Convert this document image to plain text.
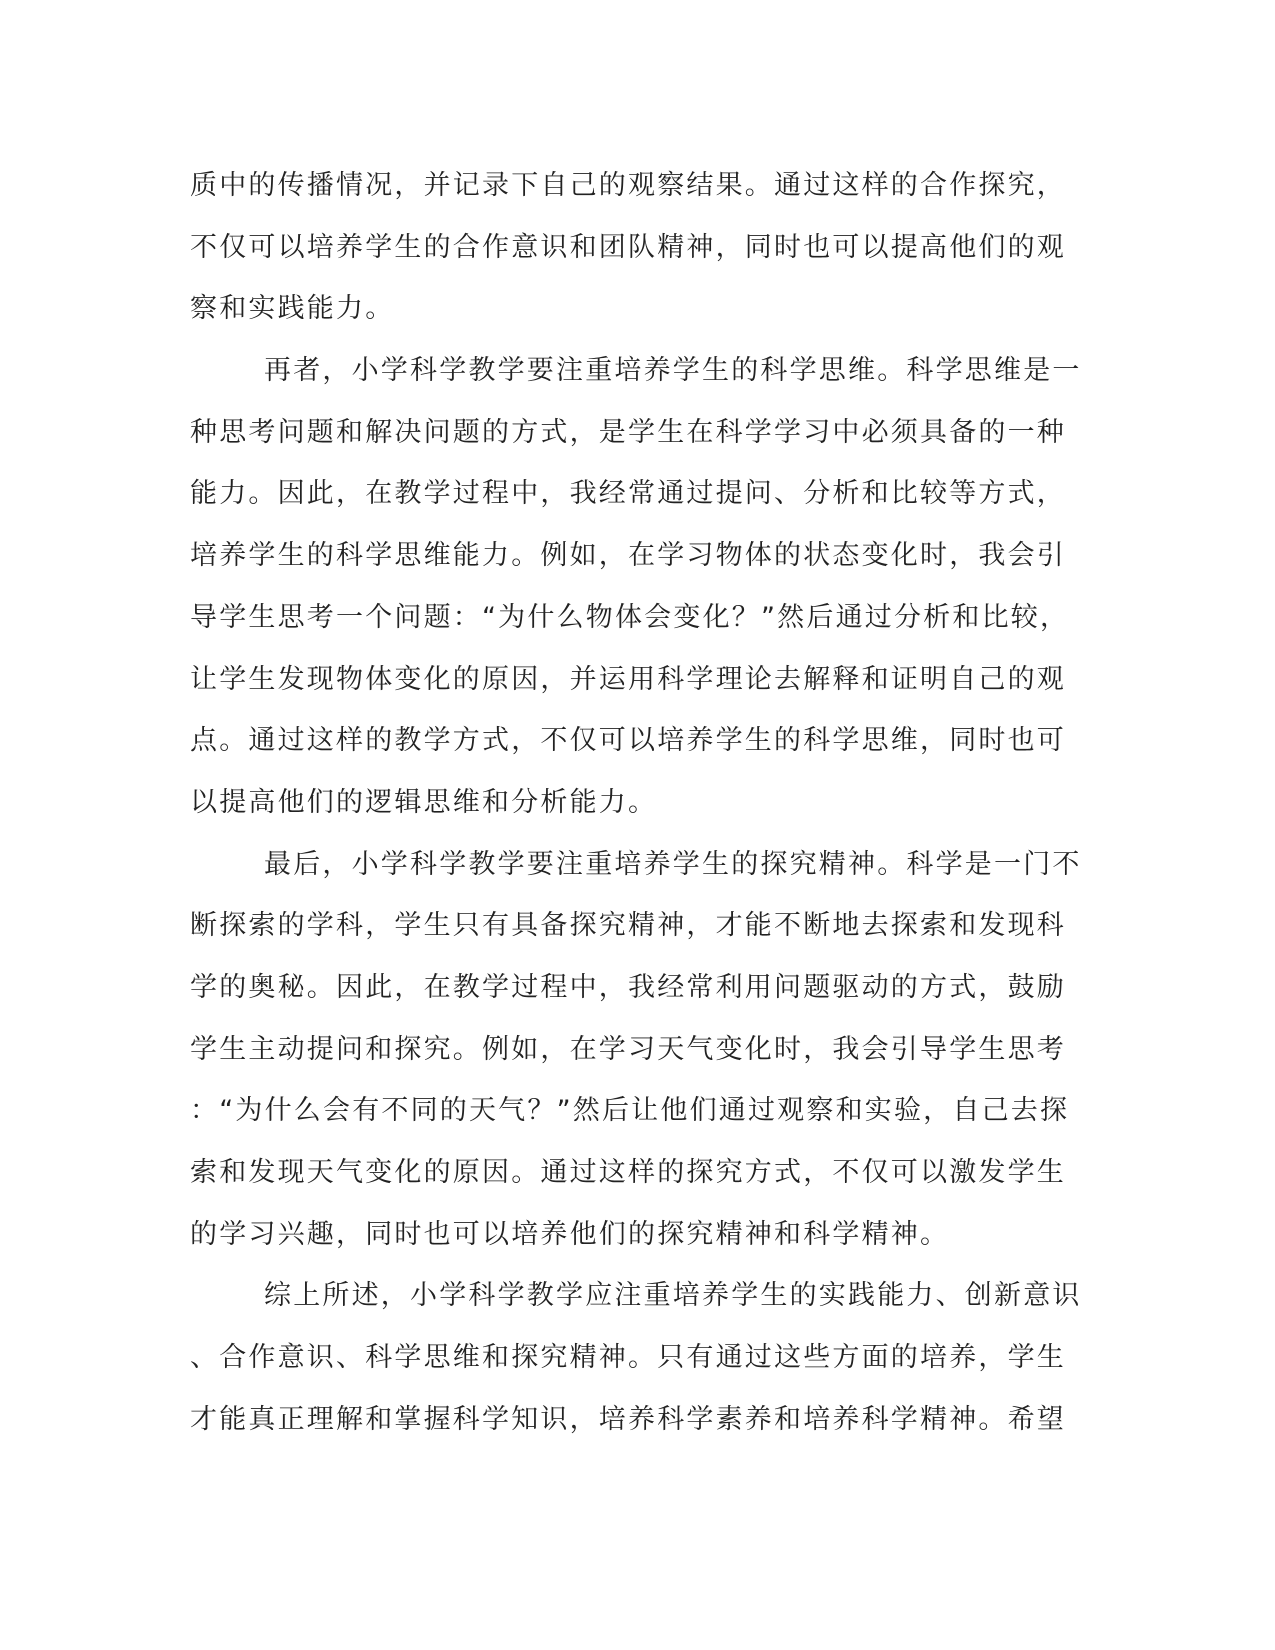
质中的传播情况，并记录下自己的观察结果。通过这样的合作探究，
不仅可以培养学生的合作意识和团队精神，同时也可以提高他们的观
察和实践能力。
再者，小学科学教学要注重培养学生的科学思维。科学思维是一
种思考问题和解决问题的方式，是学生在科学学习中必须具备的一种
能力。因此，在教学过程中，我经常通过提问、分析和比较等方式，
培养学生的科学思维能力。例如，在学习物体的状态变化时，我会引
导学生思考一个问题：“为什么物体会变化？”然后通过分析和比较，
让学生发现物体变化的原因，并运用科学理论去解释和证明自己的观
点。通过这样的教学方式，不仅可以培养学生的科学思维，同时也可
以提高他们的逻辑思维和分析能力。
最后，小学科学教学要注重培养学生的探究精神。科学是一门不
断探索的学科，学生只有具备探究精神，才能不断地去探索和发现科
学的奥秘。因此，在教学过程中，我经常利用问题驱动的方式，鼓励
学生主动提问和探究。例如，在学习天气变化时，我会引导学生思考
：“为什么会有不同的天气？”然后让他们通过观察和实验，自己去探
索和发现天气变化的原因。通过这样的探究方式，不仅可以激发学生
的学习兴趣，同时也可以培养他们的探究精神和科学精神。
综上所述，小学科学教学应注重培养学生的实践能力、创新意识
、合作意识、科学思维和探究精神。只有通过这些方面的培养，学生
才能真正理解和掌握科学知识，培养科学素养和培养科学精神。希望
